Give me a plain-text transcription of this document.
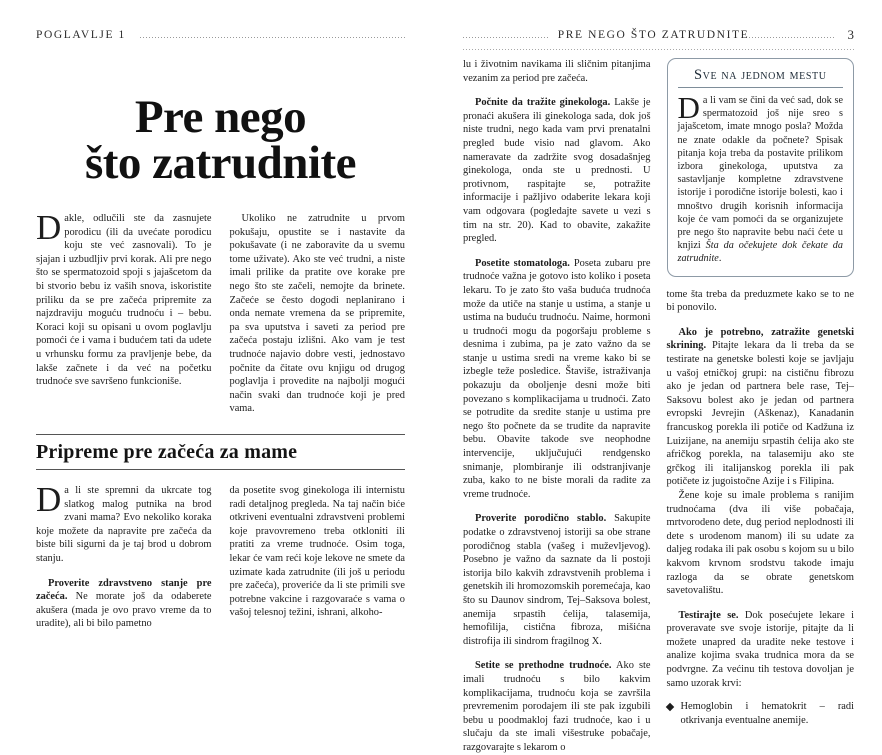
POGLAVLJE 1
Pre nego
što zatrudnite

Dakle, odlučili ste da zasnujete porodicu (ili da uvećate porodicu koju ste već zasnovali). To je sjajan i uzbudljiv prvi korak. Ali pre nego što se spermatozoid spoji s jajašcetom da bi stvorio bebu iz vaših snova, iskoristite priliku da se pre začeća pripremite za najzdraviju moguću trudnoću i – bebu. Koraci koji su opisani u ovom poglavlju pomoći će i vama i budućem tati da udete u vrhunsku formu za pravljenje bebe, da lakše začnete i da već na početku trudnoće sve savršeno funkcioniše.

Ukoliko ne zatrudnite u prvom pokušaju, opustite se i nastavite da pokušavate (i ne zaboravite da u svemu tome uživate). Ako ste već trudni, a niste imali prilike da pratite ove korake pre nego što ste začeli, nemojte da brinete. Začeće se često dogodi neplanirano i onda nemate vremena da se pripremite, pa sva uputstva i saveti za period pre začeća postaju izlišni. Ako vam je test trudnoće najavio dobre vesti, jednostavo počnite da čitate ovu knjigu od drugog poglavlja i provedite na najbolji mogući način svaki dan trudnoće koji je pred vama.

Pripreme pre začeća za mame

Da li ste spremni da ukrcate tog slatkog malog putnika na brod zvani mama? Evo nekoliko koraka koje možete da napravite pre začeća da biste bili sigurni da je taj brod u dobrom stanju.

Proverite zdravstveno stanje pre začeća. Ne morate još da odaberete akušera (mada je ovo pravo vreme da to uradite), ali bi bilo pametno

da posetite svog ginekologa ili internistu radi detaljnog pregleda. Na taj način biće otkriveni eventualni zdravstveni problemi koje pravovremeno treba otkloniti ili pratiti za vreme trudnoće. Osim toga, lekar će vam reći koje lekove ne smete da uzimate kada zatrudnite (ili još u periodu pre začeća), proveriće da li ste primili sve potrebne vakcine i razgovaraće s vama o vašoj telesnoj težini, ishrani, alkoho-

PRE NEGO ŠTO ZATRUDNITE	3

lu i životnim navikama ili sličnim pitanjima vezanim za period pre začeća.

Počnite da tražite ginekologa. Lakše je pronaći akušera ili ginekologa sada, dok još niste trudni, nego kada vam prvi prenatalni pregled bude visio nad glavom. Ako nameravate da zadržite svog dosadašnjeg ginekologa, onda ste u prednosti. U protivnom, raspitajte se, potražite informacije i pažljivo odaberite lekara koji vam odgovara (pogledajte savete u vezi s tim na str. 20). Kad to obavite, zakažite pregled.

Posetite stomatologa. Poseta zubaru pre trudnoće važna je gotovo isto koliko i poseta lekaru. To je zato što vaša buduća trudnoća može da utiče na stanje u ustima, a stanje u ustima na buduću trudnoću. Naime, hormoni u trudnoći mogu da pogoršaju probleme s desnima i zubima, pa je zato važno da se stanje u ustima sredi na vreme kako bi se izbegle teže posledice. Štaviše, istraživanja pokazuju da oboljenje desni može biti povezano s komplikacijama u trudnoći. Zato se potrudite da sredite stanje u ustima pre nego što počnete da se trudite da napravite bebu. Obavite takode sve neophodne intervencije, uključujući rendgensko snimanje, plombiranje ili odstranjivanje zuba, kako to ne biste morali da radite za vreme trudnoće.

Proverite porodično stablo. Sakupite podatke o zdravstvenoj istoriji sa obe strane porodičnog stabla (vašeg i muževljevog). Posebno je važno da saznate da li postoji istorija bilo kakvih zdravstvenih problema i genetskih ili hromozomskih poremećaja, kao što su Daunov sindrom, Tej–Saksova bolest, anemija srpastih ćelija, talasemija, hemofilija, cistična fibroza, mišićna distrofija ili sindrom fragilnog X.

Setite se prethodne trudnoće. Ako ste imali trudnoću s bilo kakvim komplikacijama, trudnoću koja se završila prevremenim porodajem ili ste pak izgubili bebu u poodmakloj fazi trudnoće, kao i u slučaju da ste imali višestruke pobačaje, razgovarajte s lekarom o

Sve na jednom mestu

Da li vam se čini da već sad, dok se spermatozoid još nije sreo s jajašcetom, imate mnogo posla? Možda ne znate odakle da počnete? Spisak pitanja koja treba da postavite prilikom izbora ginekologa, uputstva za sastavljanje kompletne zdravstvene istorije i porodične istorije bolesti, kao i mnoštvo drugih korisnih informacija koje će vam pomoći da se organizujete pre nego što napravite bebu naći ćete u knjizi Šta da očekujete dok čekate da zatrudnite.

tome šta treba da preduzmete kako se to ne bi ponovilo.

Ako je potrebno, zatražite genetski skrining. Pitajte lekara da li treba da se testirate na genetske bolesti koje se javljaju u vašoj etničkoj grupi: na cističnu fibrozu ako je jedan od partnera bele rase, Tej–Saksovu bolest ako je jedan od partnera evropski Jevrejin (Aškenaz), Kanadanin francuskog porekla ili potiče od Kadžuna iz Luizijane, na anemiju srpastih ćelija ako ste afričkog porekla, na talasemiju ako ste grčkog ili italijanskog porekla ili pak potičete iz jugoistočne Azije i s Filipina.

Žene koje su imale problema s ranijim trudnoćama (dva ili više pobačaja, mrtvorodeno dete, dug period neplodnosti ili dete s urodenom manom) ili su udate za daljeg rodaka ili pak osobu s kojom su u bilo kakvom krvnom srodstvu takode imaju razloga da se obrate genetskom savetovalištu.

Testirajte se. Dok posećujete lekare i proveravate sve svoje istorije, pitajte da li možete unapred da uradite neke testove i analize kojima svaka trudnica mora da se podvrgne. Za većinu tih testova dovoljan je samo uzorak krvi:

Hemoglobin i hematokrit – radi otkrivanja eventualne anemije.
